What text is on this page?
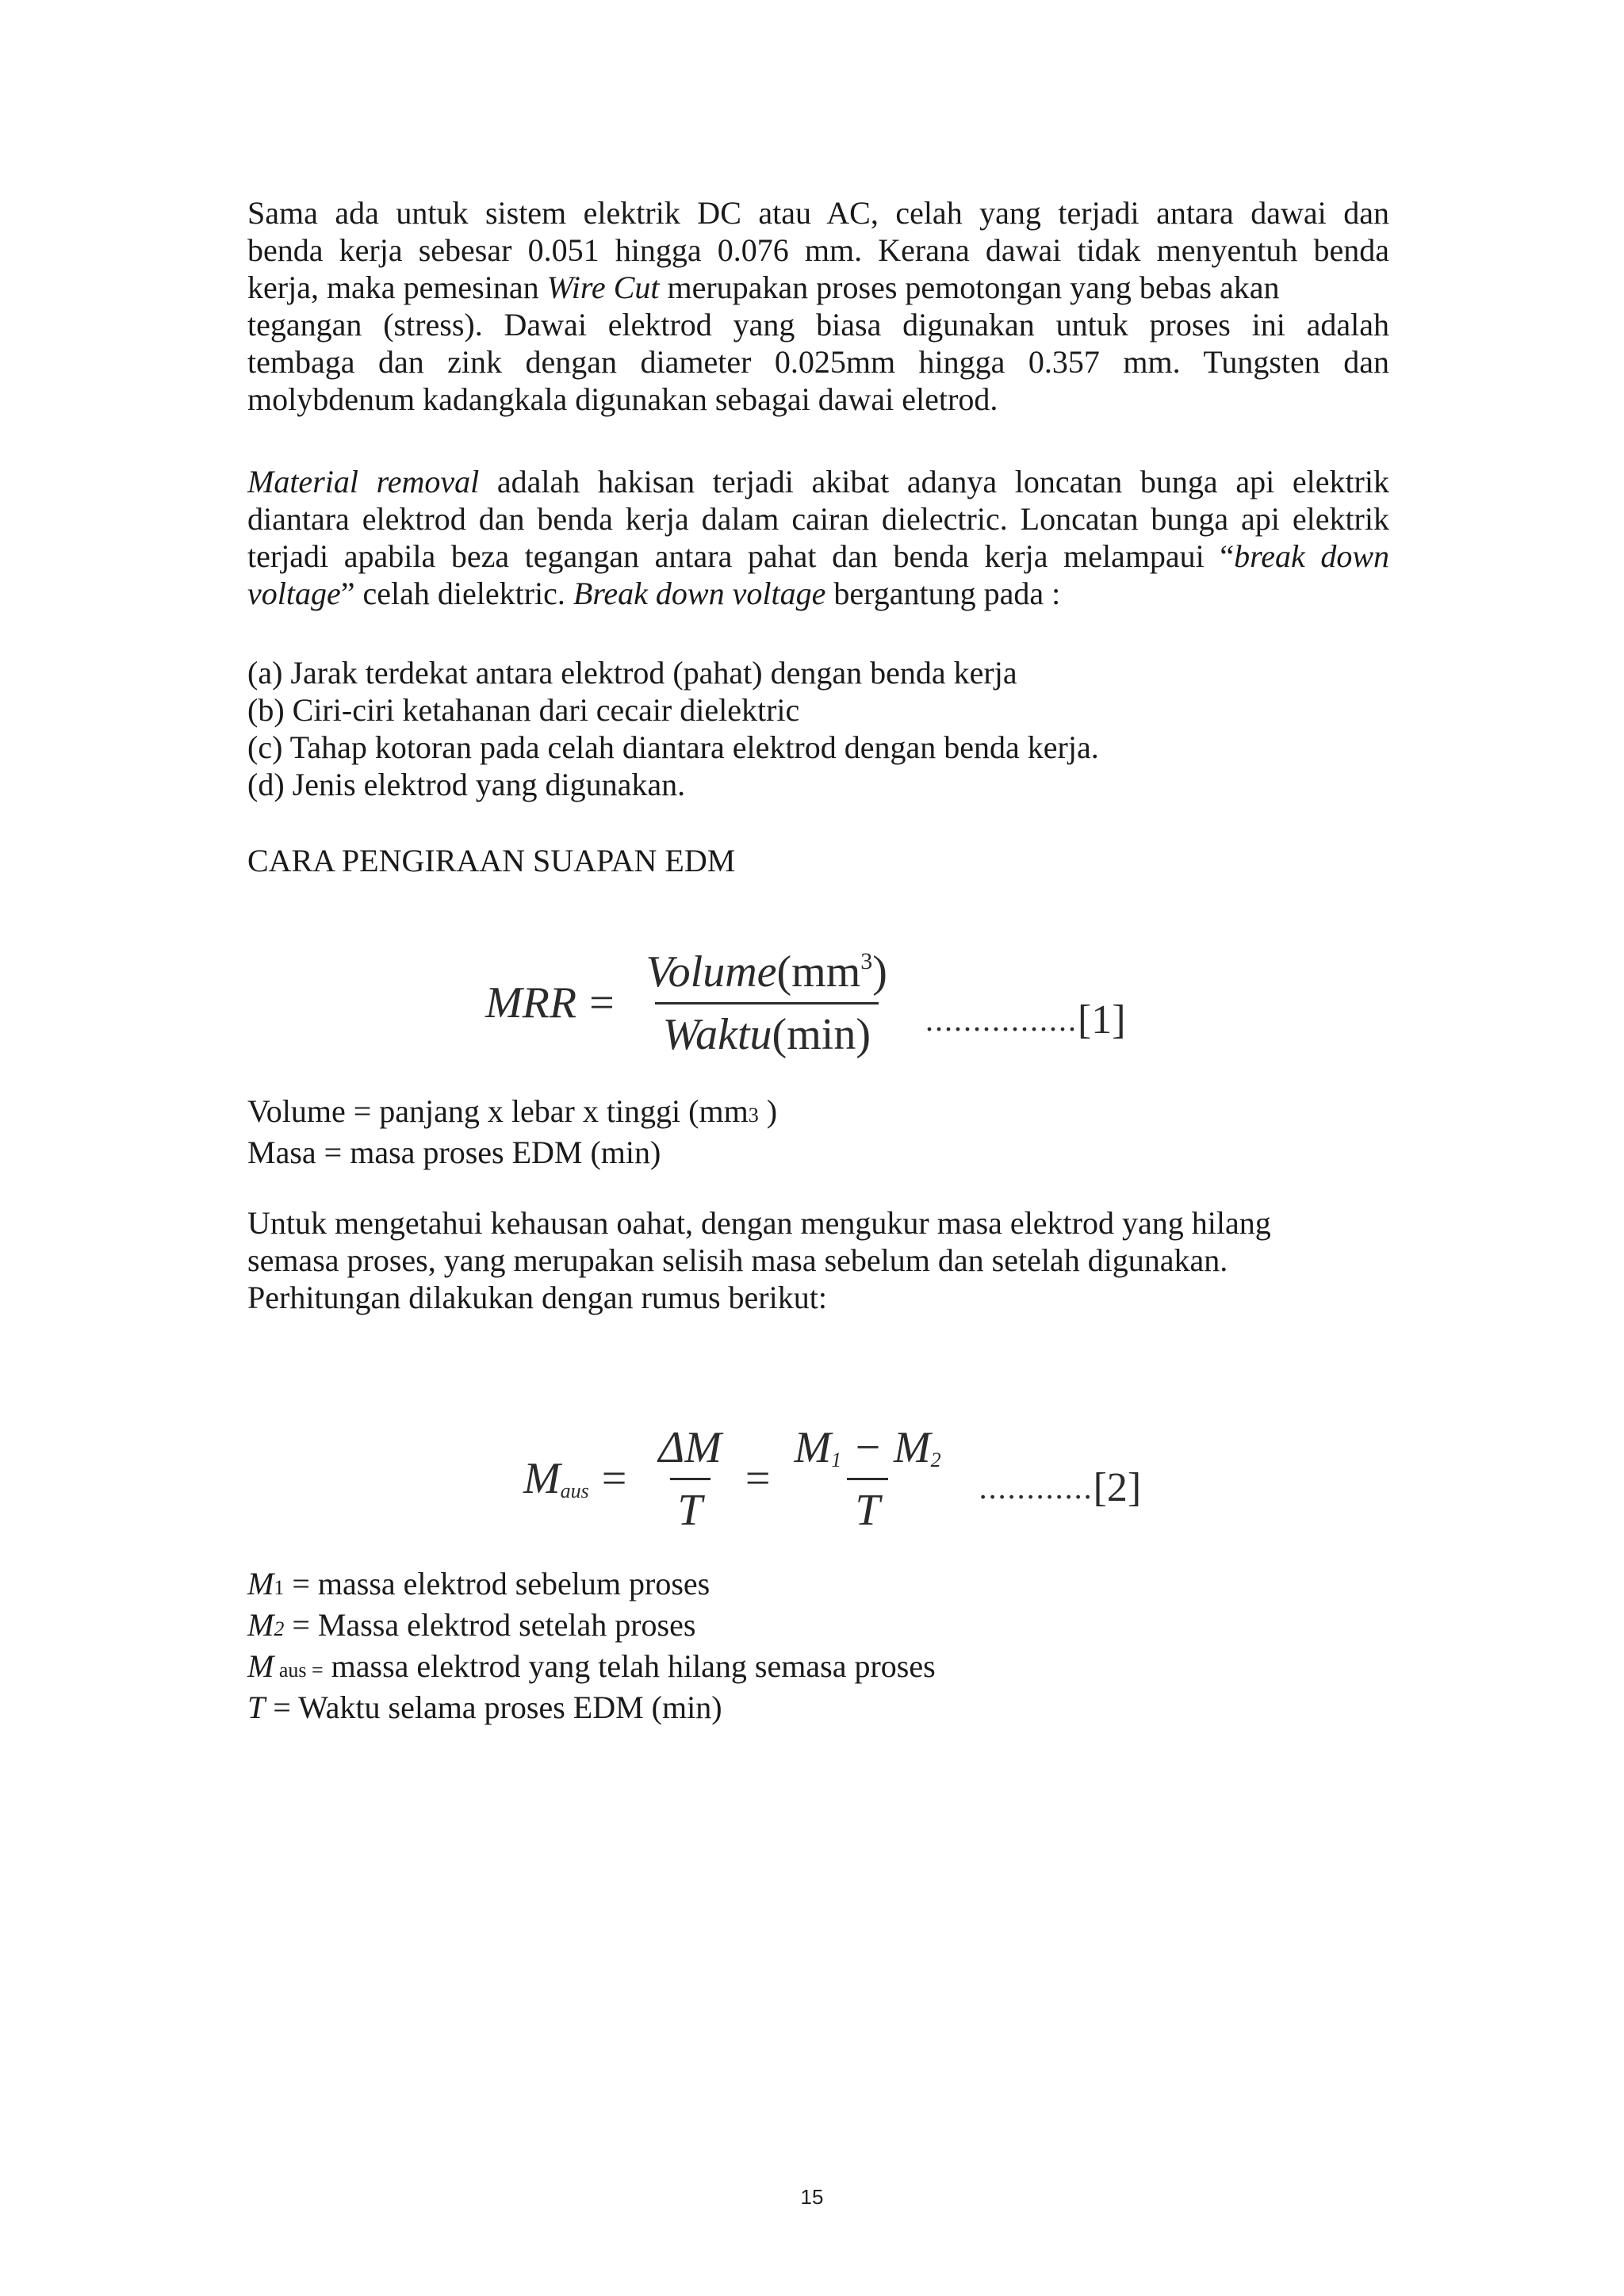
Sama ada untuk sistem elektrik DC atau AC, celah yang terjadi antara dawai dan
benda kerja sebesar 0.051 hingga 0.076 mm. Kerana dawai tidak menyentuh benda
kerja, maka pemesinan Wire Cut merupakan proses pemotongan yang bebas akan
tegangan (stress). Dawai elektrod yang biasa digunakan untuk proses ini adalah
tembaga dan zink dengan diameter 0.025mm hingga 0.357 mm. Tungsten dan
molybdenum kadangkala digunakan sebagai dawai eletrod.
Material removal adalah hakisan terjadi akibat adanya loncatan bunga api elektrik
diantara elektrod dan benda kerja dalam cairan dielectric. Loncatan bunga api elektrik
terjadi apabila beza tegangan antara pahat dan benda kerja melampaui “break down
voltage” celah dielektric. Break down voltage bergantung pada :
(a) Jarak terdekat antara elektrod (pahat) dengan benda kerja
(b) Ciri-ciri ketahanan dari cecair dielektric
(c) Tahap kotoran pada celah diantara elektrod dengan benda kerja.
(d) Jenis elektrod yang digunakan.
CARA PENGIRAAN SUAPAN EDM
MRR = $\frac{Volume(mm^3)}{\text{Waktu(min)}}$ ................ [1]
Volume = panjang x lebar x tinggi (mm3 )
Masa = masa proses EDM (min)
Untuk mengetahui kehausan oahat, dengan mengukur masa elektrod yang hilang
semasa proses, yang merupakan selisih masa sebelum dan setelah digunakan.
Perhitungan dilakukan dengan rumus berikut:
Maus = $\frac{\Delta M}{T} = \frac{M1 - M2}{T}$ ............ [2]
M1 = massa elektrod sebelum proses
M2 = Massa elektrod setelah proses
M aus = massa elektrod yang telah hilang semasa proses
T = Waktu selama proses EDM (min)
15
